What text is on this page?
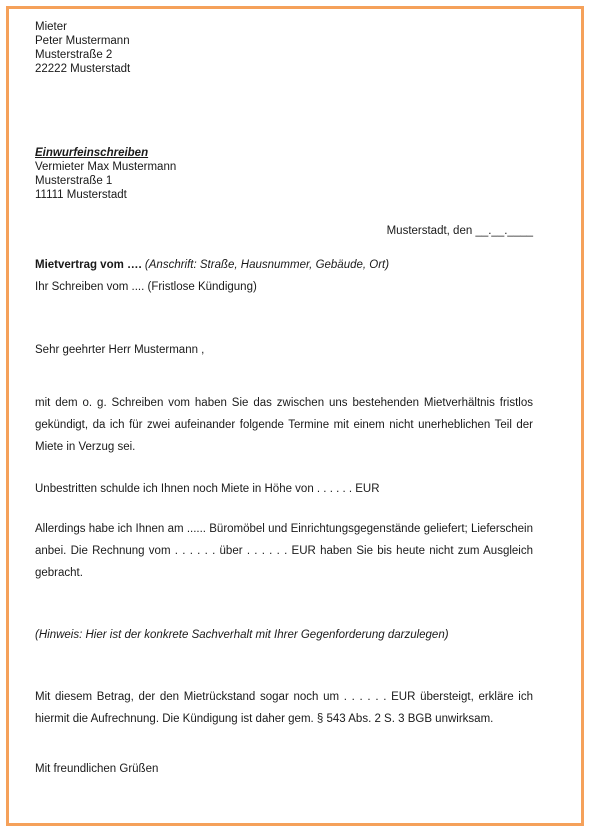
Mieter
Peter Mustermann
Musterstraße 2
22222 Musterstadt
Einwurfeinschreiben
Vermieter Max Mustermann
Musterstraße 1
11111 Musterstadt
Musterstadt, den __.__.____
Mietvertrag vom …. (Anschrift: Straße, Hausnummer, Gebäude, Ort)
Ihr Schreiben vom .... (Fristlose Kündigung)
Sehr geehrter Herr Mustermann ,
mit dem o. g. Schreiben vom haben Sie das zwischen uns bestehenden Mietverhältnis fristlos gekündigt, da ich für zwei aufeinander folgende Termine mit einem nicht unerheblichen Teil der Miete in Verzug sei.
Unbestritten schulde ich Ihnen noch Miete in Höhe von . . . . . . EUR
Allerdings habe ich Ihnen am ...... Büromöbel und Einrichtungsgegenstände geliefert; Lieferschein anbei. Die Rechnung vom . . . . . . über . . . . . . EUR haben Sie bis heute nicht zum Ausgleich gebracht.
(Hinweis: Hier ist der konkrete Sachverhalt mit Ihrer Gegenforderung darzulegen)
Mit diesem Betrag, der den Mietrückstand sogar noch um . . . . . . EUR übersteigt, erkläre ich hiermit die Aufrechnung. Die Kündigung ist daher gem. § 543 Abs. 2 S. 3 BGB unwirksam.
Mit freundlichen Grüßen
